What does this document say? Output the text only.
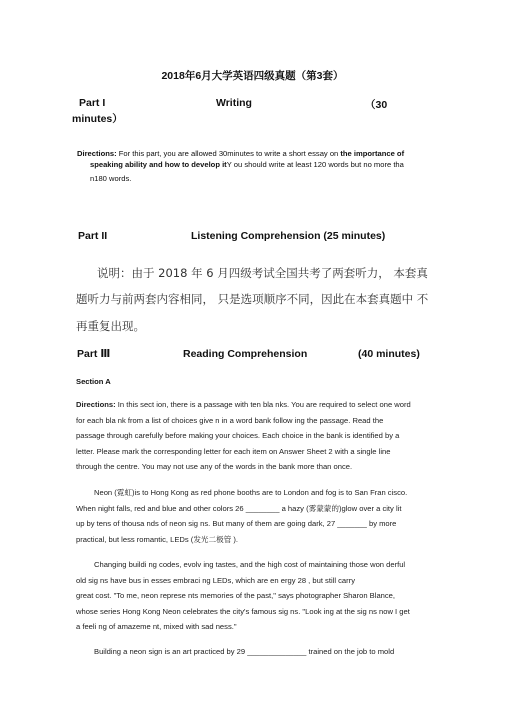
2018年6月大学英语四级真题（第3套）
Part I	Writing	（30
minutes）
Directions: For this part, you are allowed 30minutes to write a short essay on the importance of
speaking ability and how to develop itY ou should write at least 120 words but no more tha
n180 words.
Part II	Listening Comprehension (25 minutes)
说明：由于 2018 年 6 月四级考试全国共考了两套听力， 本套真
题听力与前两套内容相同， 只是选项顺序不同，因此在本套真题中 不
再重复出现。
Part Ⅲ	Reading Comprehension	(40 minutes)
Section A
Directions: In this sect ion, there is a passage with ten bla nks. You are required to select one word
for each bla nk from a list of choices give n in a word bank follow ing the passage. Read the
passage through carefully before making your choices. Each choice in the bank is identified by a
letter. Please mark the corresponding letter for each item on Answer Sheet 2 with a single line
through the centre. You may not use any of the words in the bank more than once.
Neon (霓虹)is to Hong Kong as red phone booths are to London and fog is to San Fran cisco.
When night falls, red and blue and other colors 26 ________ a hazy (雾蒙蒙的)glow over a city lit
up by tens of thousa nds of neon sig ns. But many of them are going dark, 27 _______ by more
practical, but less romantic, LEDs (发光二极管 ).
Changing buildi ng codes, evolv ing tastes, and the high cost of maintaining those won derful
old sig ns have bus in esses embraci ng LEDs, which are en ergy 28 , but still carry
great cost. "To me, neon represe nts memories of the past," says photographer Sharon Blance,
whose series Hong Kong Neon celebrates the city's famous sig ns. "Look ing at the sig ns now I get
a feeli ng of amazeme nt, mixed with sad ness."
Building a neon sign is an art practiced by 29 ______________ trained on the job to mold
